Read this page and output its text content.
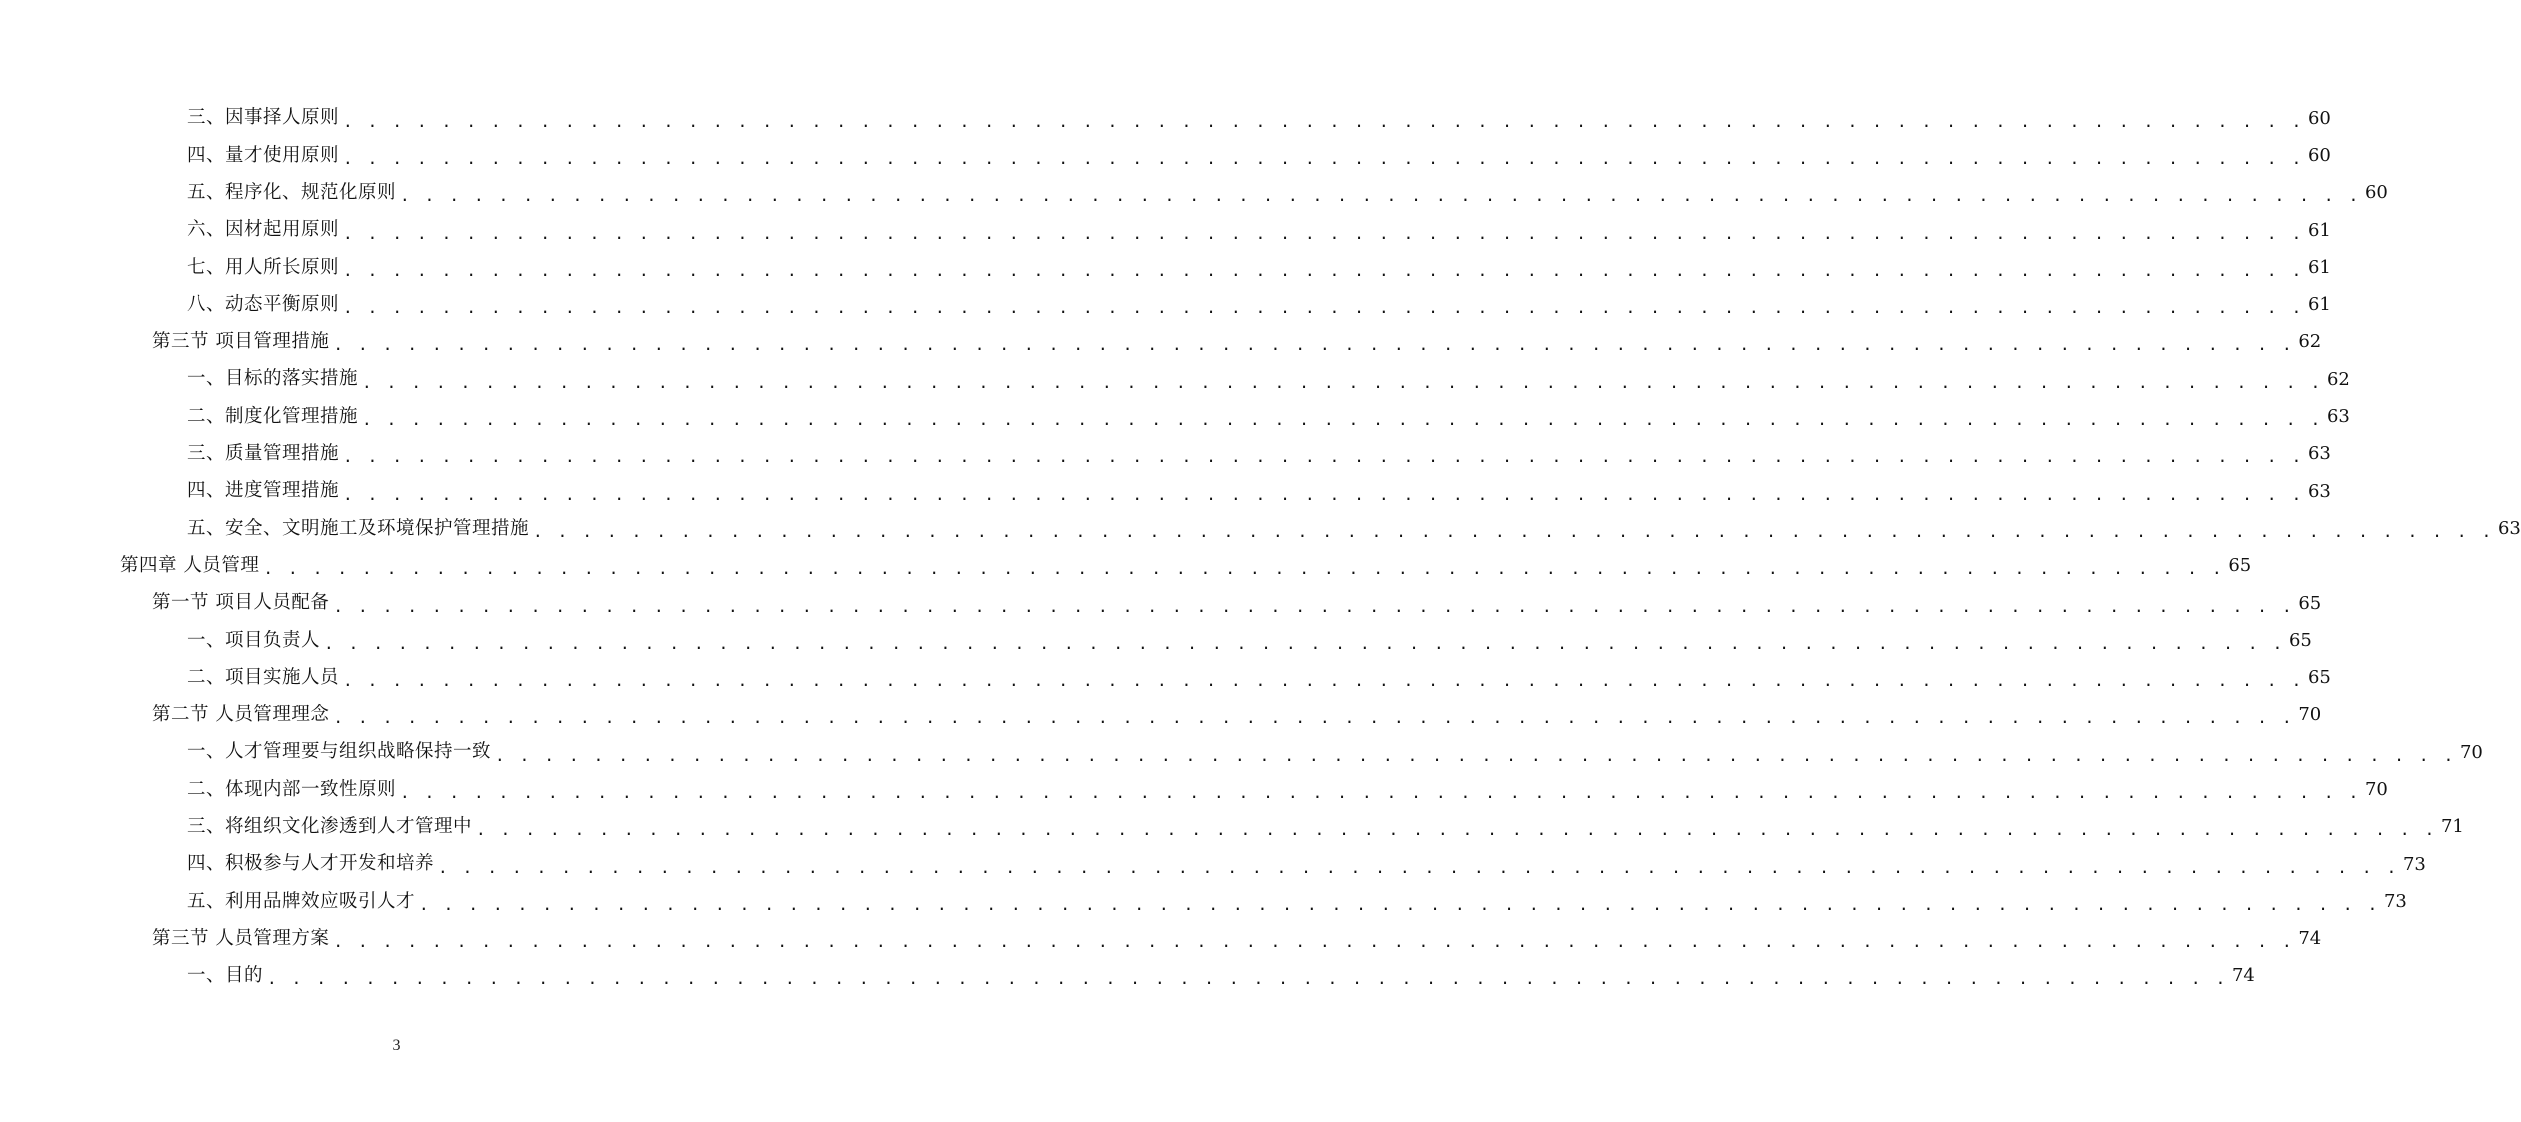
三、因事择人原则 . . . . . . . . . . . . . . . . . . . . . . . . . . . . . . . . . . . . . . . . . . . . . . . . . . . . . . . . . . . . . . . . . . . . . . . . . . . . . . . . 60
四、量才使用原则 . . . . . . . . . . . . . . . . . . . . . . . . . . . . . . . . . . . . . . . . . . . . . . . . . . . . . . . . . . . . . . . . . . . . . . . . . . . . . . . . 60
五、程序化、规范化原则 . . . . . . . . . . . . . . . . . . . . . . . . . . . . . . . . . . . . . . . . . . . . . . . . . . . . . . . . . . . . . . . . . . . . . . . . . . . . . . . . 60
六、因材起用原则 . . . . . . . . . . . . . . . . . . . . . . . . . . . . . . . . . . . . . . . . . . . . . . . . . . . . . . . . . . . . . . . . . . . . . . . . . . . . . . . . 61
七、用人所长原则 . . . . . . . . . . . . . . . . . . . . . . . . . . . . . . . . . . . . . . . . . . . . . . . . . . . . . . . . . . . . . . . . . . . . . . . . . . . . . . . . 61
八、动态平衡原则 . . . . . . . . . . . . . . . . . . . . . . . . . . . . . . . . . . . . . . . . . . . . . . . . . . . . . . . . . . . . . . . . . . . . . . . . . . . . . . . . 61
第三节 项目管理措施 . . . . . . . . . . . . . . . . . . . . . . . . . . . . . . . . . . . . . . . . . . . . . . . . . . . . . . . . . . . . . . . . . . . . . . . . . . . . . . . . 62
一、目标的落实措施 . . . . . . . . . . . . . . . . . . . . . . . . . . . . . . . . . . . . . . . . . . . . . . . . . . . . . . . . . . . . . . . . . . . . . . . . . . . . . . . . 62
二、制度化管理措施 . . . . . . . . . . . . . . . . . . . . . . . . . . . . . . . . . . . . . . . . . . . . . . . . . . . . . . . . . . . . . . . . . . . . . . . . . . . . . . . . 63
三、质量管理措施 . . . . . . . . . . . . . . . . . . . . . . . . . . . . . . . . . . . . . . . . . . . . . . . . . . . . . . . . . . . . . . . . . . . . . . . . . . . . . . . . 63
四、进度管理措施 . . . . . . . . . . . . . . . . . . . . . . . . . . . . . . . . . . . . . . . . . . . . . . . . . . . . . . . . . . . . . . . . . . . . . . . . . . . . . . . . 63
五、安全、文明施工及环境保护管理措施 . . . . . . . . . . . . . . . . . . . . . . . . . . . . . . . . . . . . . . . . . . . . . . . . . . . . . . . . . . . . . . . . . . . . . . . . . . . . . . . . 63
第四章 人员管理 . . . . . . . . . . . . . . . . . . . . . . . . . . . . . . . . . . . . . . . . . . . . . . . . . . . . . . . . . . . . . . . . . . . . . . . . . . . . . . . . 65
第一节 项目人员配备 . . . . . . . . . . . . . . . . . . . . . . . . . . . . . . . . . . . . . . . . . . . . . . . . . . . . . . . . . . . . . . . . . . . . . . . . . . . . . . . . 65
一、项目负责人 . . . . . . . . . . . . . . . . . . . . . . . . . . . . . . . . . . . . . . . . . . . . . . . . . . . . . . . . . . . . . . . . . . . . . . . . . . . . . . . . 65
二、项目实施人员 . . . . . . . . . . . . . . . . . . . . . . . . . . . . . . . . . . . . . . . . . . . . . . . . . . . . . . . . . . . . . . . . . . . . . . . . . . . . . . . . 65
第二节 人员管理理念 . . . . . . . . . . . . . . . . . . . . . . . . . . . . . . . . . . . . . . . . . . . . . . . . . . . . . . . . . . . . . . . . . . . . . . . . . . . . . . . . 70
一、人才管理要与组织战略保持一致 . . . . . . . . . . . . . . . . . . . . . . . . . . . . . . . . . . . . . . . . . . . . . . . . . . . . . . . . . . . . . . . . . . . . . . . . . . . . . . . . 70
二、体现内部一致性原则 . . . . . . . . . . . . . . . . . . . . . . . . . . . . . . . . . . . . . . . . . . . . . . . . . . . . . . . . . . . . . . . . . . . . . . . . . . . . . . . . 70
三、将组织文化渗透到人才管理中 . . . . . . . . . . . . . . . . . . . . . . . . . . . . . . . . . . . . . . . . . . . . . . . . . . . . . . . . . . . . . . . . . . . . . . . . . . . . . . . . 71
四、积极参与人才开发和培养 . . . . . . . . . . . . . . . . . . . . . . . . . . . . . . . . . . . . . . . . . . . . . . . . . . . . . . . . . . . . . . . . . . . . . . . . . . . . . . . . 73
五、利用品牌效应吸引人才 . . . . . . . . . . . . . . . . . . . . . . . . . . . . . . . . . . . . . . . . . . . . . . . . . . . . . . . . . . . . . . . . . . . . . . . . . . . . . . . . 73
第三节 人员管理方案 . . . . . . . . . . . . . . . . . . . . . . . . . . . . . . . . . . . . . . . . . . . . . . . . . . . . . . . . . . . . . . . . . . . . . . . . . . . . . . . . 74
一、目的 . . . . . . . . . . . . . . . . . . . . . . . . . . . . . . . . . . . . . . . . . . . . . . . . . . . . . . . . . . . . . . . . . . . . . . . . . . . . . . . . 74
3
